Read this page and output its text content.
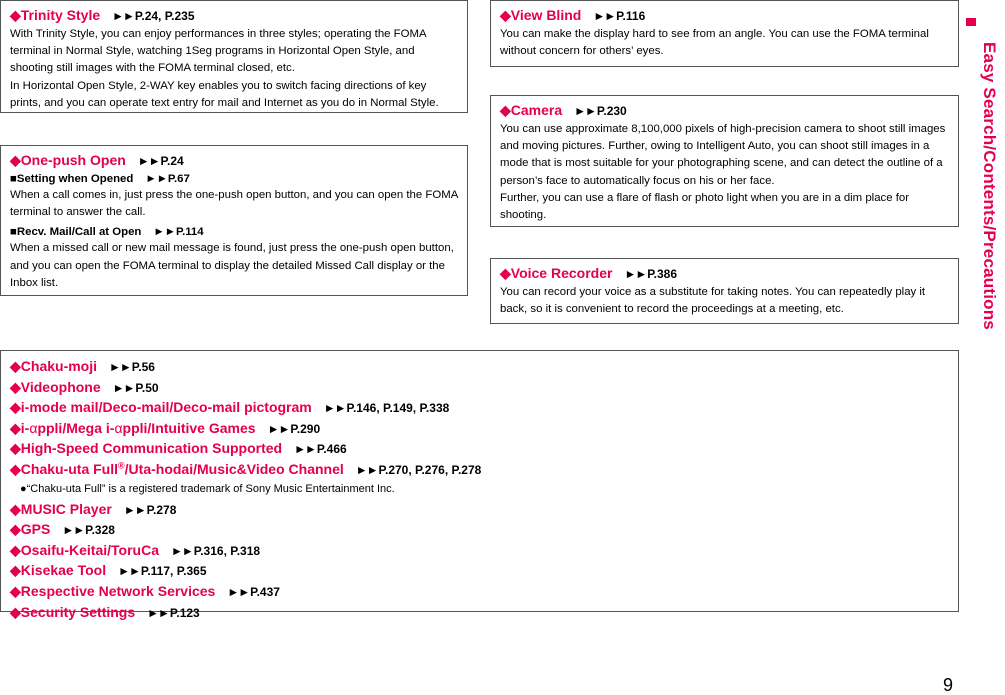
◆Trinity Style ►►P.24, P.235
With Trinity Style, you can enjoy performances in three styles; operating the FOMA terminal in Normal Style, watching 1Seg programs in Horizontal Open Style, and shooting still images with the FOMA terminal closed, etc.
In Horizontal Open Style, 2-WAY key enables you to switch facing directions of key prints, and you can operate text entry for mail and Internet as you do in Normal Style.
◆One-push Open ►►P.24
■Setting when Opened ►►P.67
When a call comes in, just press the one-push open button, and you can open the FOMA terminal to answer the call.
■Recv. Mail/Call at Open ►►P.114
When a missed call or new mail message is found, just press the one-push open button, and you can open the FOMA terminal to display the detailed Missed Call display or the Inbox list.
◆View Blind ►►P.116
You can make the display hard to see from an angle. You can use the FOMA terminal without concern for others’ eyes.
◆Camera ►►P.230
You can use approximate 8,100,000 pixels of high-precision camera to shoot still images and moving pictures. Further, owing to Intelligent Auto, you can shoot still images in a mode that is most suitable for your photographing scene, and can detect the outline of a person’s face to automatically focus on his or her face.
Further, you can use a flare of flash or photo light when you are in a dim place for shooting.
◆Voice Recorder ►►P.386
You can record your voice as a substitute for taking notes. You can repeatedly play it back, so it is convenient to record the proceedings at a meeting, etc.
◆Chaku-moji ►►P.56
◆Videophone ►►P.50
◆i-mode mail/Deco-mail/Deco-mail pictogram ►►P.146, P.149, P.338
◆i-αppli/Mega i-αppli/Intuitive Games ►►P.290
◆High-Speed Communication Supported ►►P.466
◆Chaku-uta Full®/Uta-hodai/Music&Video Channel ►►P.270, P.276, P.278
●“Chaku-uta Full” is a registered trademark of Sony Music Entertainment Inc.
◆MUSIC Player ►►P.278
◆GPS ►►P.328
◆Osaifu-Keitai/ToruCa ►►P.316, P.318
◆Kisekae Tool ►►P.117, P.365
◆Respective Network Services ►►P.437
◆Security Settings ►►P.123
Easy Search/Contents/Precautions
9
